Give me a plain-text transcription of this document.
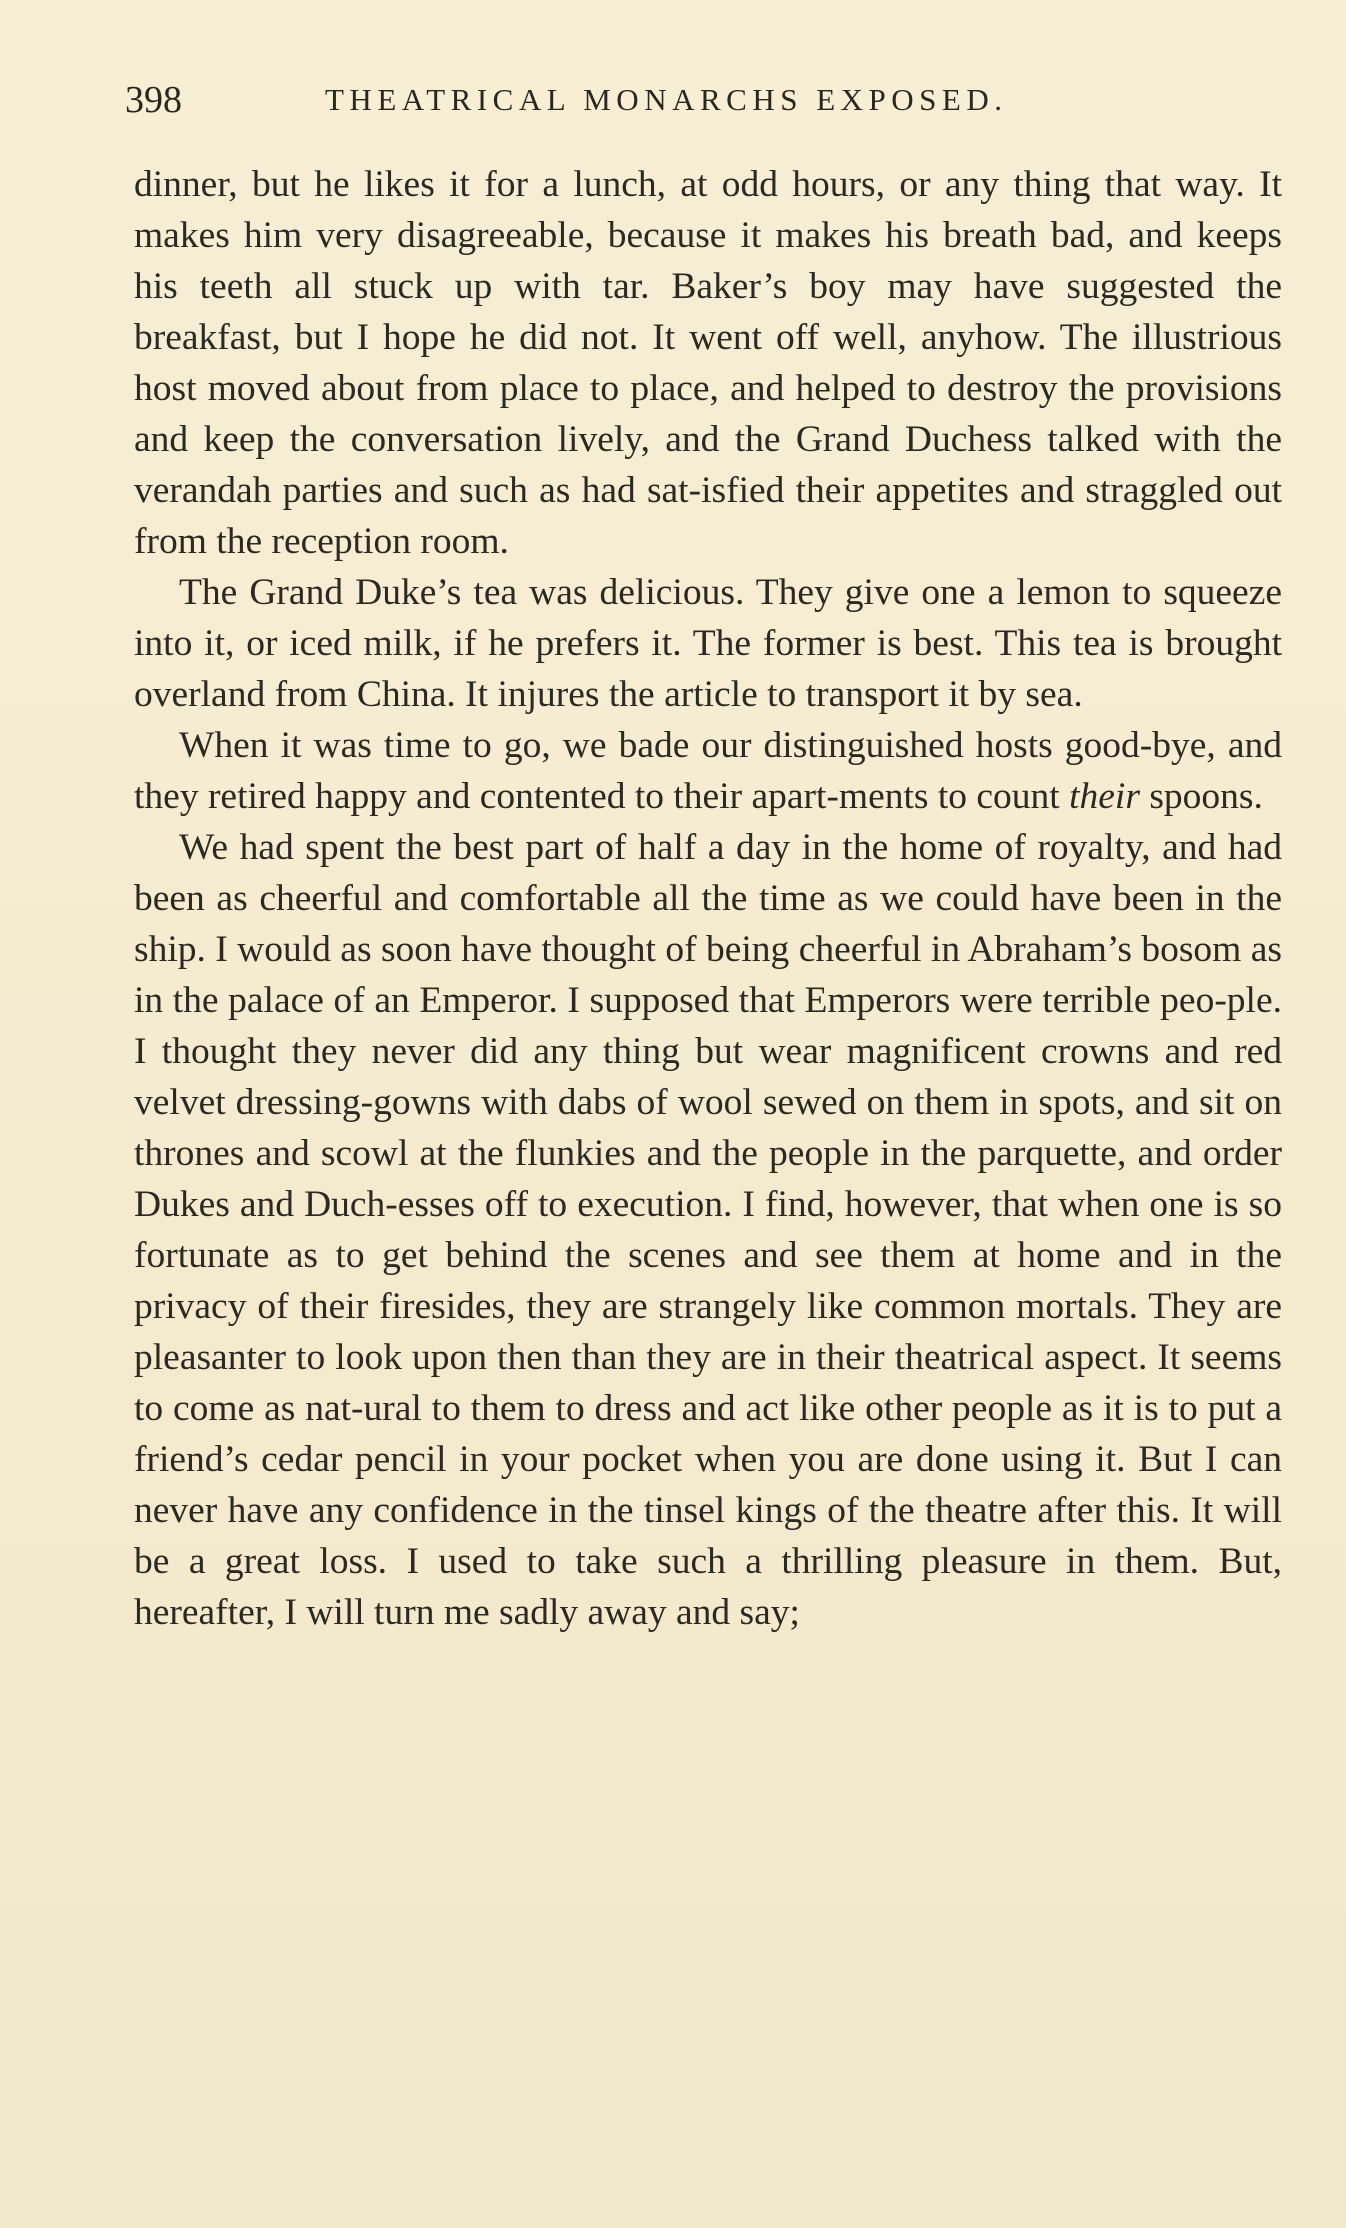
398	THEATRICAL MONARCHS EXPOSED.

dinner, but he likes it for a lunch, at odd hours, or any thing that way. It makes him very disagreeable, because it makes his breath bad, and keeps his teeth all stuck up with tar. Baker’s boy may have suggested the breakfast, but I hope he did not. It went off well, anyhow. The illustrious host moved about from place to place, and helped to destroy the provisions and keep the conversation lively, and the Grand Duchess talked with the verandah parties and such as had sat-isfied their appetites and straggled out from the reception room.

The Grand Duke’s tea was delicious. They give one a lemon to squeeze into it, or iced milk, if he prefers it. The former is best. This tea is brought overland from China. It injures the article to transport it by sea.

When it was time to go, we bade our distinguished hosts good-bye, and they retired happy and contented to their apart-ments to count their spoons.

We had spent the best part of half a day in the home of royalty, and had been as cheerful and comfortable all the time as we could have been in the ship. I would as soon have thought of being cheerful in Abraham’s bosom as in the palace of an Emperor. I supposed that Emperors were terrible peo-ple. I thought they never did any thing but wear magnificent crowns and red velvet dressing-gowns with dabs of wool sewed on them in spots, and sit on thrones and scowl at the flunkies and the people in the parquette, and order Dukes and Duch-esses off to execution. I find, however, that when one is so fortunate as to get behind the scenes and see them at home and in the privacy of their firesides, they are strangely like common mortals. They are pleasanter to look upon then than they are in their theatrical aspect. It seems to come as nat-ural to them to dress and act like other people as it is to put a friend’s cedar pencil in your pocket when you are done using it. But I can never have any confidence in the tinsel kings of the theatre after this. It will be a great loss. I used to take such a thrilling pleasure in them. But, hereafter, I will turn me sadly away and say;
